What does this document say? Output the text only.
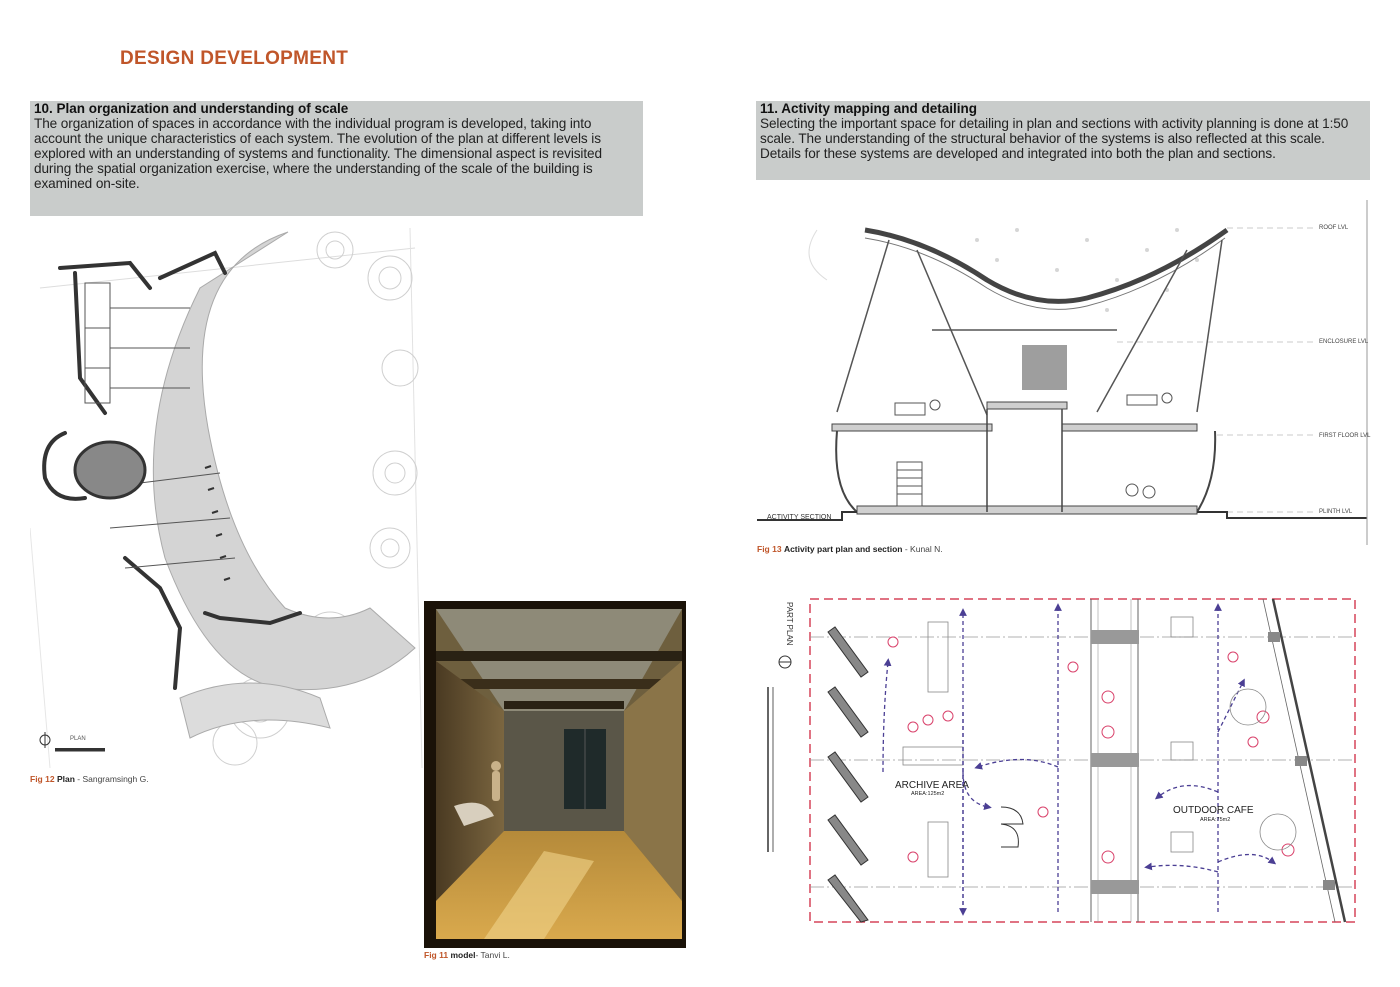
DESIGN DEVELOPMENT
10. Plan organization and understanding of scale

The organization of spaces in accordance with the individual program is developed, taking into account the unique characteristics of each system. The evolution of the plan at different levels is explored with an understanding of systems and functionality. The dimensional aspect is revisited during the spatial organization exercise, where the understanding of the scale of the building is examined on-site.

11. Activity mapping and detailing

Selecting the important space for detailing in plan and sections with activity planning is done at 1:50 scale. The understanding of the structural behavior of the systems is also reflected at this scale. Details for these systems are developed and integrated into both the plan and sections.

PLAN
Fig 12 Plan - Sangramsingh G.
Fig 11 model- Tanvi L.
ROOF LVL
ENCLOSURE LVL
FIRST FLOOR LVL
PLINTH LVL
ACTIVITY SECTION
Fig 13 Activity part plan and section - Kunal N.
PART PLAN
ARCHIVE AREA
AREA:125m2
OUTDOOR CAFE
AREA:75m2
